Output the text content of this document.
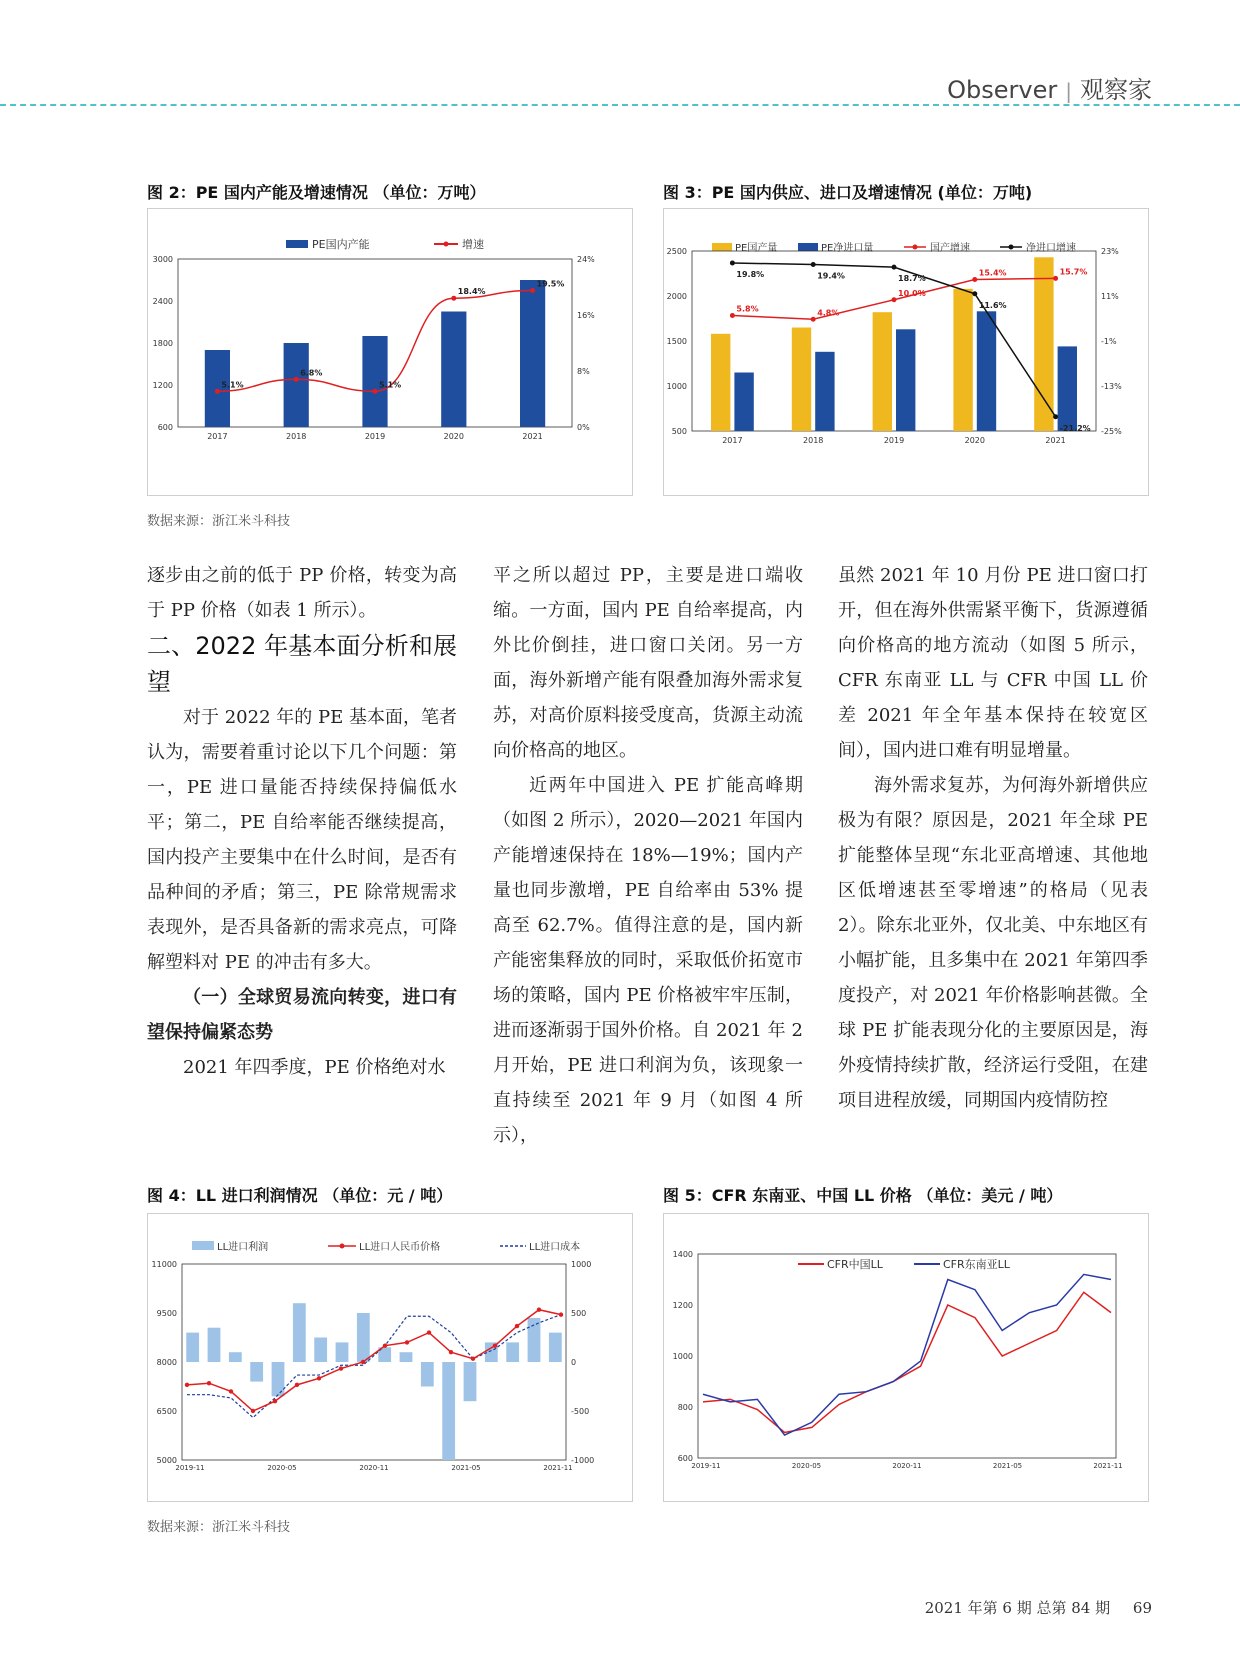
Observer | 观察家
图 2：PE 国内产能及增速情况 （单位：万吨）
PE国内产能	增速
3000
2400
1800
1200
600
24%
16%
8%
0%
2017	2018	2019	2020	2021
5.1%
6.8%
5.1%
18.4%
19.5%
图 3：PE 国内供应、进口及增速情况 (单位：万吨)
PE国产量	PE净进口量	国产增速	净进口增速
2500
2000
1500
1000
500
23%
11%
-1%
-13%
-25%
2017	2018	2019	2020	2021
5.8%	4.8%
10.0%
15.4%	15.7%
19.8%	19.4%	18.7%
11.6%
-21.2%
数据来源：浙江米斗科技

逐步由之前的低于 PP 价格，转变为高于 PP 价格（如表 1 所示）。

二、2022 年基本面分析和展望

对于 2022 年的 PE 基本面，笔者认为，需要着重讨论以下几个问题：第一，PE 进口量能否持续保持偏低水平；第二，PE 自给率能否继续提高，国内投产主要集中在什么时间，是否有品种间的矛盾；第三，PE 除常规需求表现外，是否具备新的需求亮点，可降解塑料对 PE 的冲击有多大。

（一）全球贸易流向转变，进口有望保持偏紧态势

2021 年四季度，PE 价格绝对水

平之所以超过 PP，主要是进口端收缩。一方面，国内 PE 自给率提高，内外比价倒挂，进口窗口关闭。另一方面，海外新增产能有限叠加海外需求复苏，对高价原料接受度高，货源主动流向价格高的地区。

近两年中国进入 PE 扩能高峰期（如图 2 所示），2020—2021 年国内产能增速保持在 18%—19%；国内产量也同步激增，PE 自给率由 53% 提高至 62.7%。值得注意的是，国内新产能密集释放的同时，采取低价拓宽市场的策略，国内 PE 价格被牢牢压制，进而逐渐弱于国外价格。自 2021 年 2 月开始，PE 进口利润为负，该现象一直持续至 2021 年 9 月（如图 4 所示），

虽然 2021 年 10 月份 PE 进口窗口打开，但在海外供需紧平衡下，货源遵循向价格高的地方流动（如图 5 所示，CFR 东南亚 LL 与 CFR 中国 LL 价差 2021 年全年基本保持在较宽区间），国内进口难有明显增量。

海外需求复苏，为何海外新增供应极为有限？原因是，2021 年全球 PE 扩能整体呈现“东北亚高增速、其他地区低增速甚至零增速”的格局（见表 2）。除东北亚外，仅北美、中东地区有小幅扩能，且多集中在 2021 年第四季度投产，对 2021 年价格影响甚微。全球 PE 扩能表现分化的主要原因是，海外疫情持续扩散，经济运行受阻，在建项目进程放缓，同期国内疫情防控

图 4：LL 进口利润情况 （单位：元 / 吨）
LL进口利润	LL进口人民币价格	LL进口成本
11000
9500
8000
6500
5000
1000
500
0
-500
-1000
2019-11	2020-05	2020-11	2021-05	2021-11
图 5：CFR 东南亚、中国 LL 价格 （单位：美元 / 吨）
CFR中国LL	CFR东南亚LL
1400
1200
1000
800
600
2019-11	2020-05	2020-11	2021-05	2021-11
数据来源：浙江米斗科技
2021 年第 6 期 总第 84 期 69
